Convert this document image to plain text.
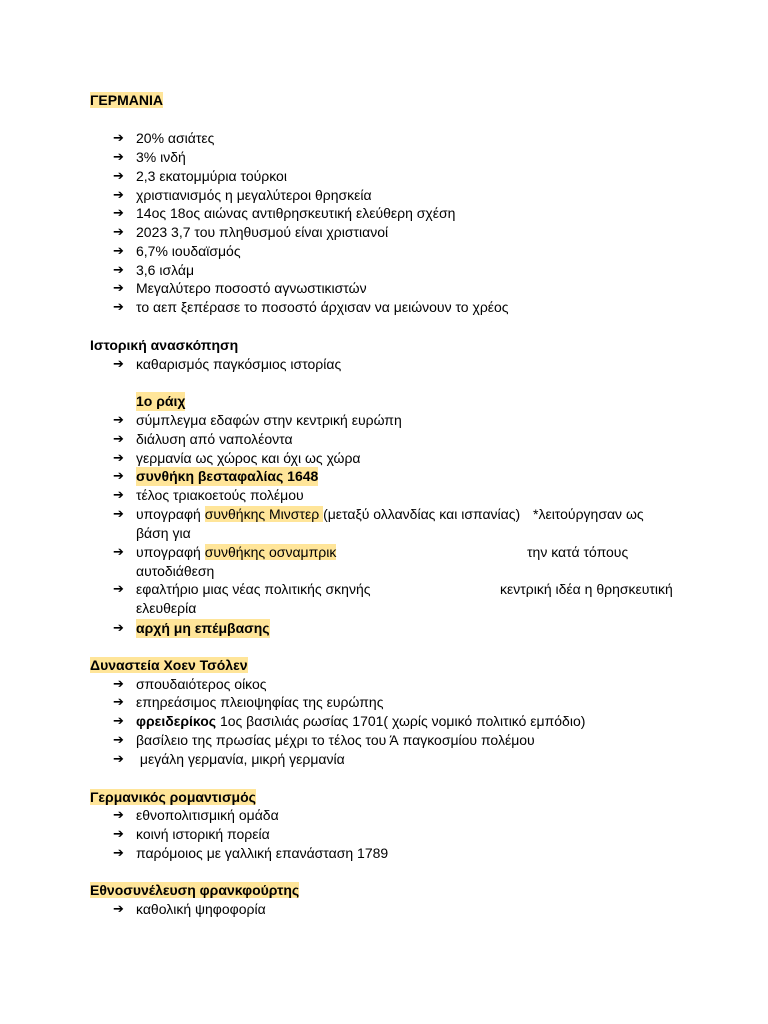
ΓΕΡΜΑΝΙΑ
➔ 20% ασιάτες
➔ 3% ινδή
➔ 2,3 εκατομμύρια τούρκοι
➔ χριστιανισμός η μεγαλύτεροι θρησκεία
➔ 14ος 18ος αιώνας αντιθρησκευτική ελεύθερη σχέση
➔ 2023 3,7 του πληθυσμού είναι χριστιανοί
➔ 6,7% ιουδαϊσμός
➔ 3,6 ισλάμ
➔ Μεγαλύτερο ποσοστό αγνωστικιστών
➔ το αεπ ξεπέρασε το ποσοστό άρχισαν να μειώνουν το χρέος
Ιστορική ανασκόπηση
➔ καθαρισμός παγκόσμιος ιστορίας
1ο ράιχ
➔ σύμπλεγμα εδαφών στην κεντρική ευρώπη
➔ διάλυση από ναπολέοντα
➔ γερμανία ως χώρος και όχι ως χώρα
➔ συνθήκη βεσταφαλίας 1648
➔ τέλος τριακοετούς πολέμου
➔ υπογραφή συνθήκης Μινστερ (μεταξύ ολλανδίας και ισπανίας) *λειτούργησαν ως
βάση για
➔ υπογραφή συνθήκης οσναμπρικ	την κατά τόπους
αυτοδιάθεση
➔ εφαλτήριο μιας νέας πολιτικής σκηνής	κεντρική ιδέα η θρησκευτική
ελευθερία
➔ αρχή μη επέμβασης
Δυναστεία Χοεν Τσόλεν
➔ σπουδαιότερος οίκος
➔ επηρεάσιμος πλειοψηφίας της ευρώπης
➔ φρειδερίκος 1ος βασιλιάς ρωσίας 1701( χωρίς νομικό πολιτικό εμπόδιο)
➔ βασίλειο της πρωσίας μέχρι το τέλος του Ά παγκοσμίου πολέμου
➔ μεγάλη γερμανία, μικρή γερμανία
Γερμανικός ρομαντισμός
➔ εθνοπολιτισμική ομάδα
➔ κοινή ιστορική πορεία
➔ παρόμοιος με γαλλική επανάσταση 1789
Εθνοσυνέλευση φρανκφούρτης
➔ καθολική ψηφοφορία
